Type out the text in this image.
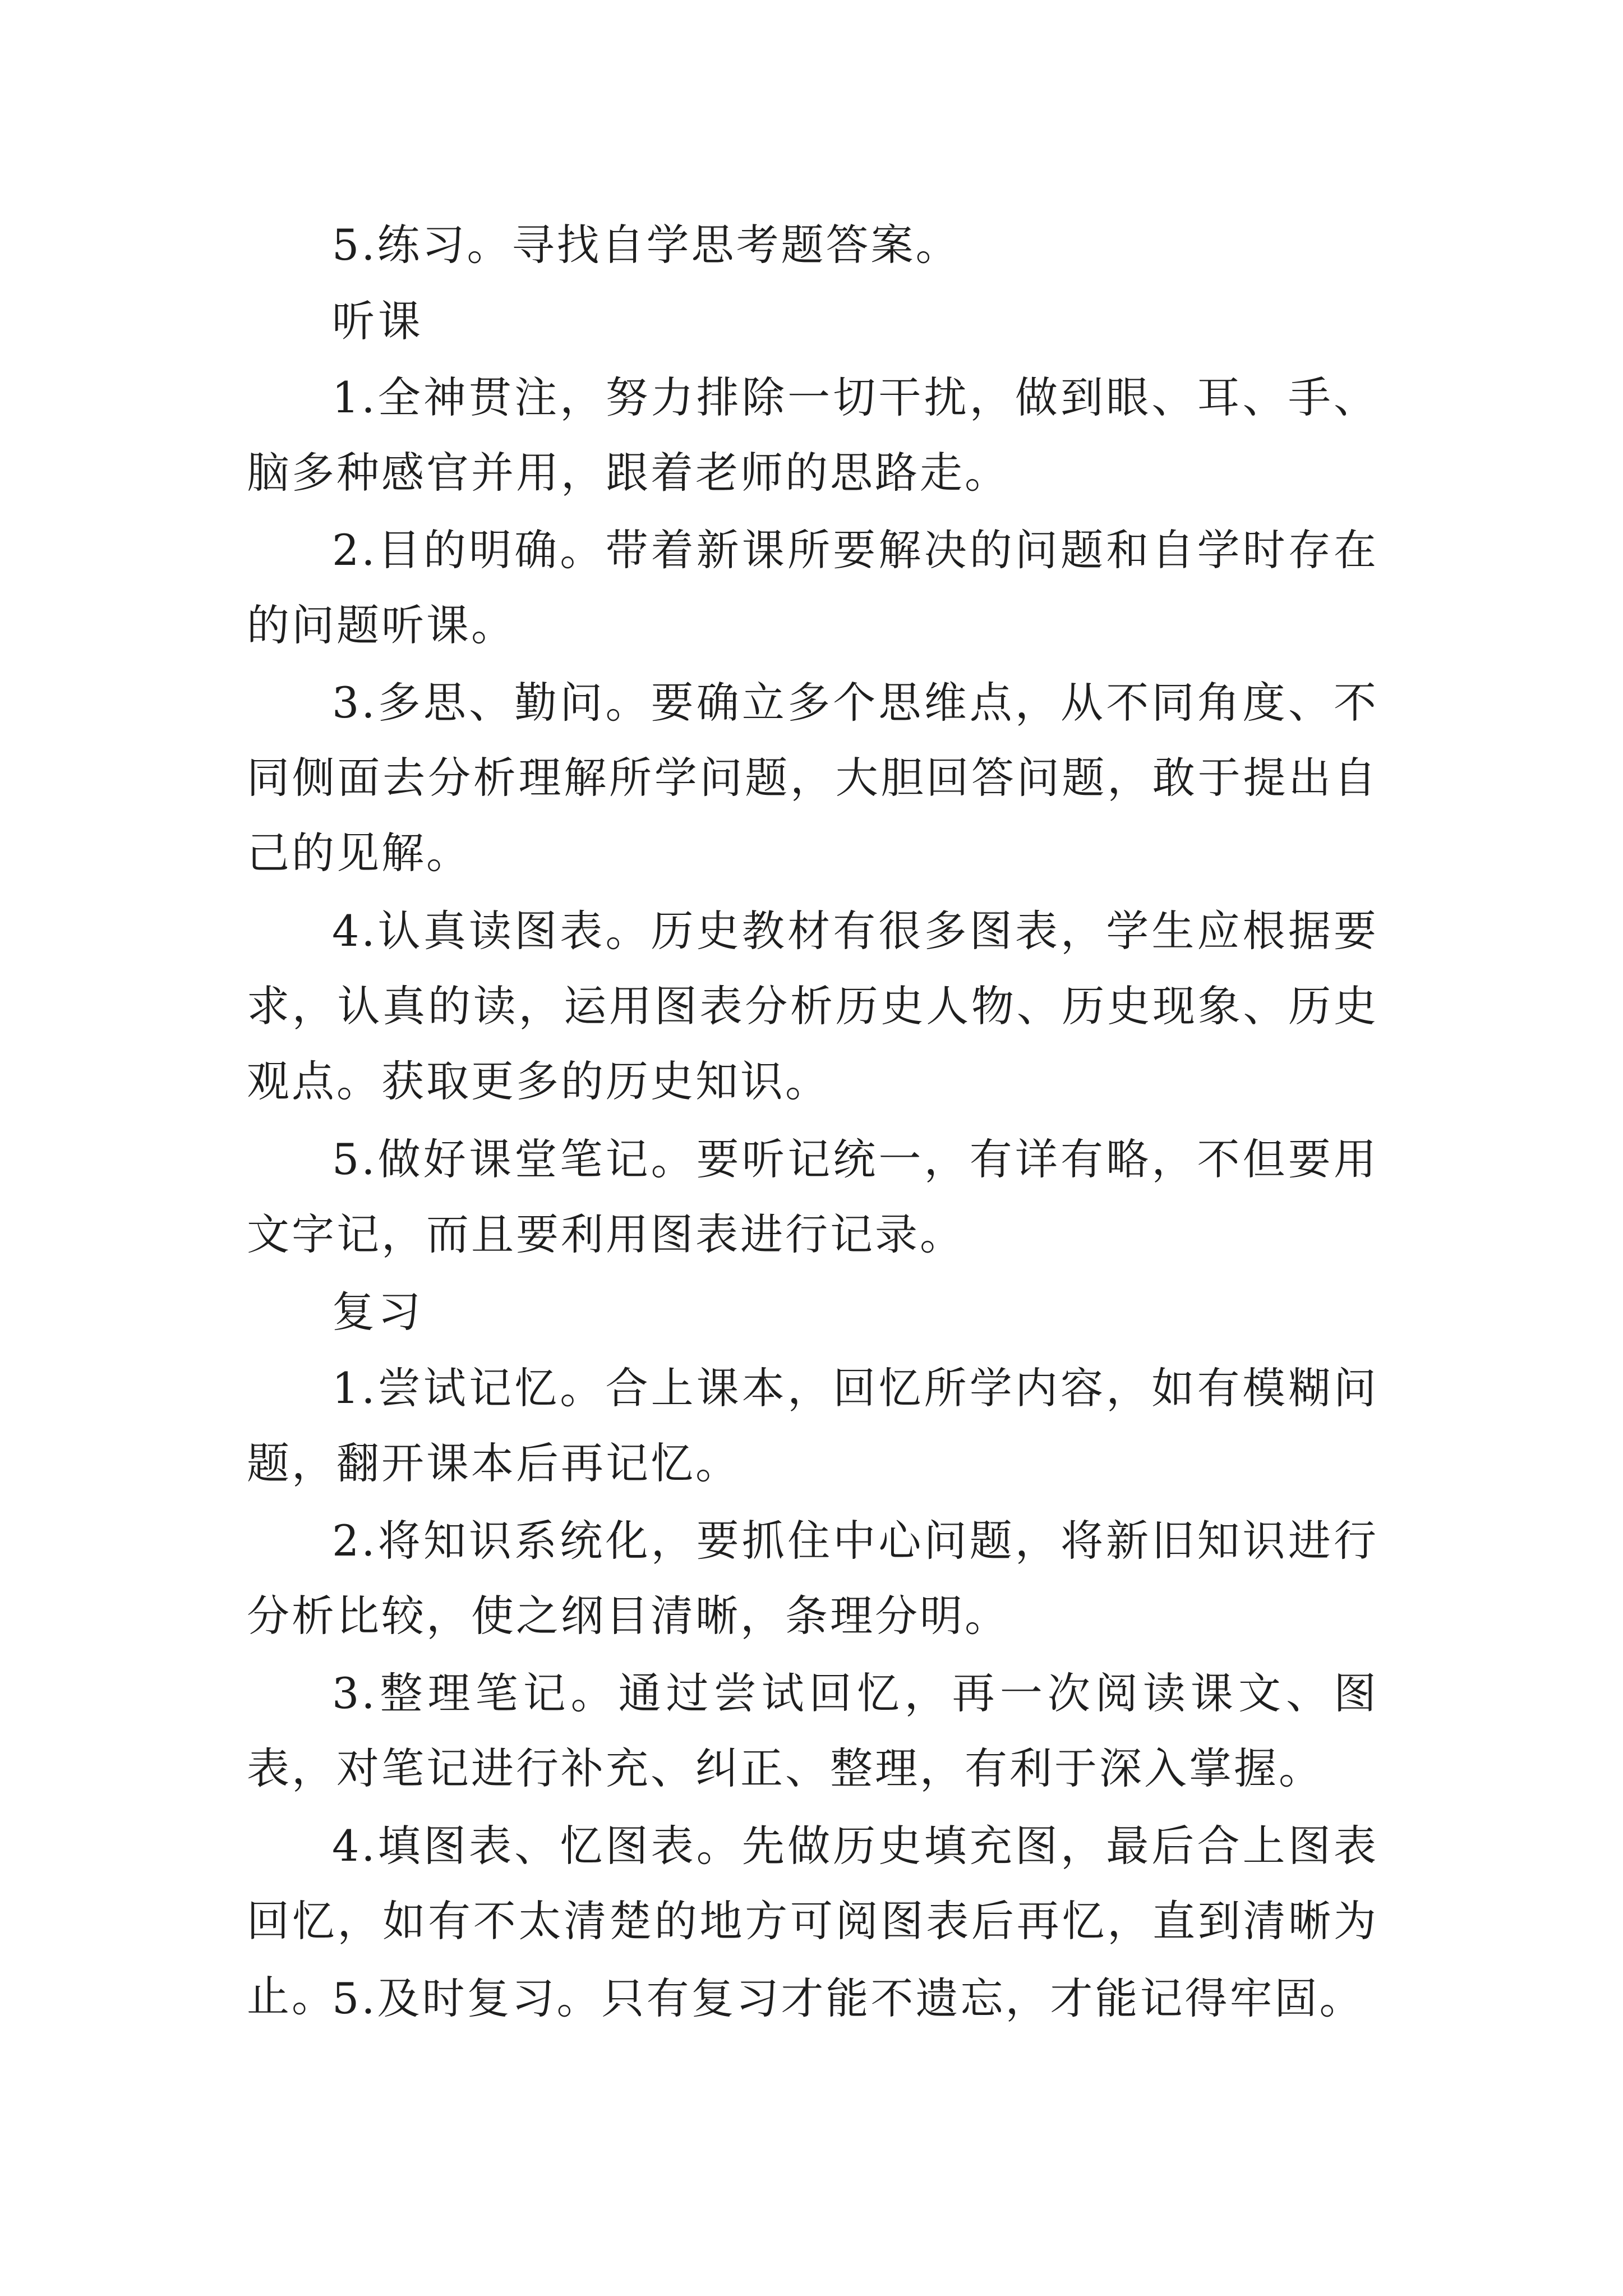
5.练习。寻找自学思考题答案。

听课

1.全神贯注，努力排除一切干扰，做到眼、耳、手、脑多种感官并用，跟着老师的思路走。

2.目的明确。带着新课所要解决的问题和自学时存在的问题听课。

3.多思、勤问。要确立多个思维点，从不同角度、不同侧面去分析理解所学问题，大胆回答问题，敢于提出自己的见解。

4.认真读图表。历史教材有很多图表，学生应根据要求，认真的读，运用图表分析历史人物、历史现象、历史观点。获取更多的历史知识。

5.做好课堂笔记。要听记统一，有详有略，不但要用文字记，而且要利用图表进行记录。

复习

1.尝试记忆。合上课本，回忆所学内容，如有模糊问题，翻开课本后再记忆。

2.将知识系统化，要抓住中心问题，将新旧知识进行分析比较，使之纲目清晰，条理分明。

3.整理笔记。通过尝试回忆，再一次阅读课文、图表，对笔记进行补充、纠正、整理，有利于深入掌握。

4.填图表、忆图表。先做历史填充图，最后合上图表回忆，如有不太清楚的地方可阅图表后再忆，直到清晰为止。

5.及时复习。只有复习才能不遗忘，才能记得牢固。
